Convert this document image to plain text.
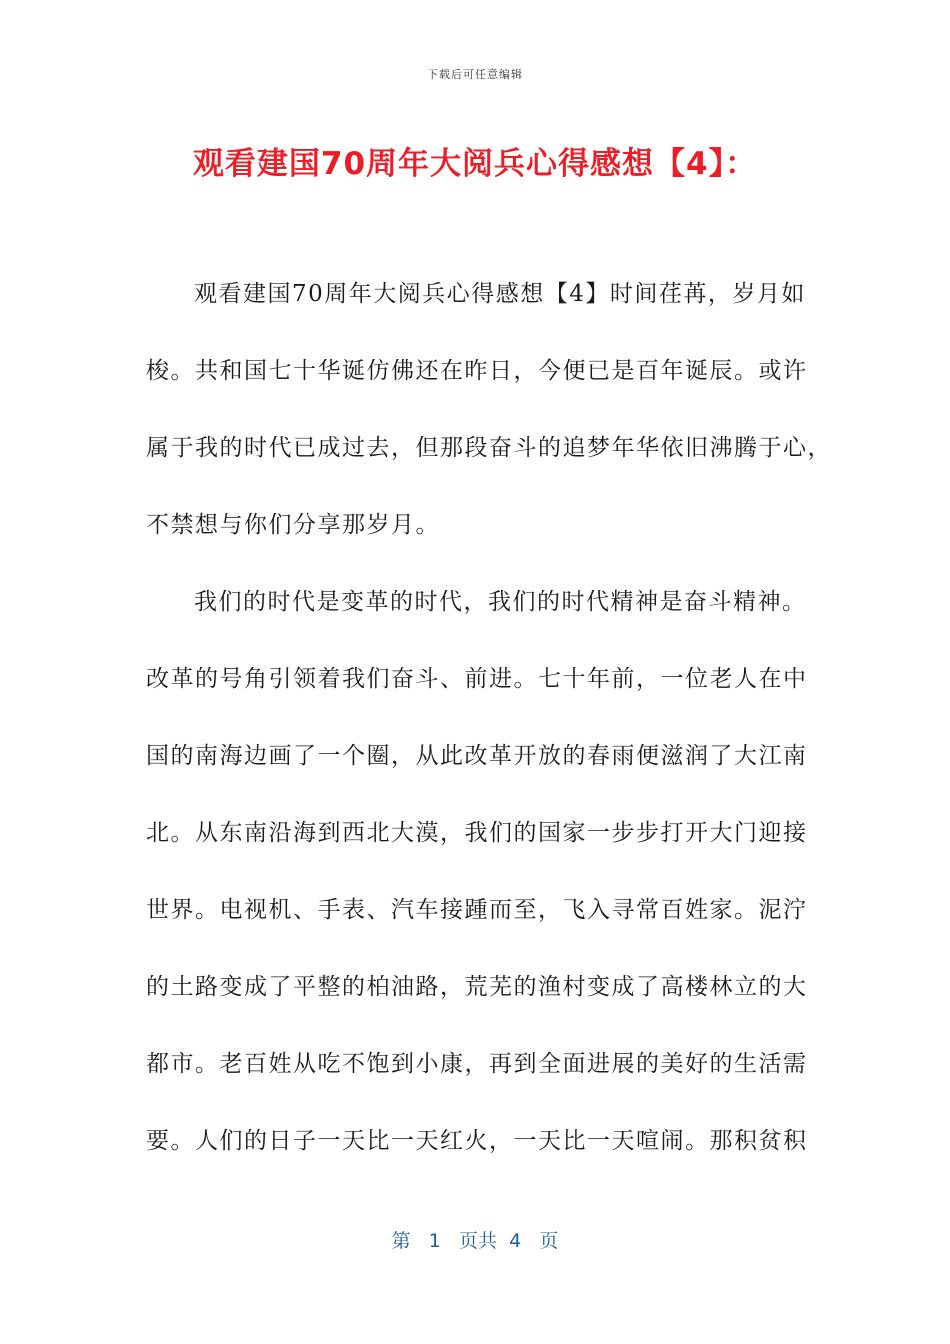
下载后可任意编辑
观看建国70周年大阅兵心得感想【4】：
观看建国70周年大阅兵心得感想【4】时间荏苒，岁月如
梭。共和国七十华诞仿佛还在昨日，今便已是百年诞辰。或许
属于我的时代已成过去，但那段奋斗的追梦年华依旧沸腾于心，
不禁想与你们分享那岁月。
我们的时代是变革的时代，我们的时代精神是奋斗精神。
改革的号角引领着我们奋斗、前进。七十年前，一位老人在中
国的南海边画了一个圈，从此改革开放的春雨便滋润了大江南
北。从东南沿海到西北大漠，我们的国家一步步打开大门迎接
世界。电视机、手表、汽车接踵而至，飞入寻常百姓家。泥泞
的土路变成了平整的柏油路，荒芜的渔村变成了高楼林立的大
都市。老百姓从吃不饱到小康，再到全面进展的美好的生活需
要。人们的日子一天比一天红火，一天比一天喧闹。那积贫积
第 1 页共 4 页
